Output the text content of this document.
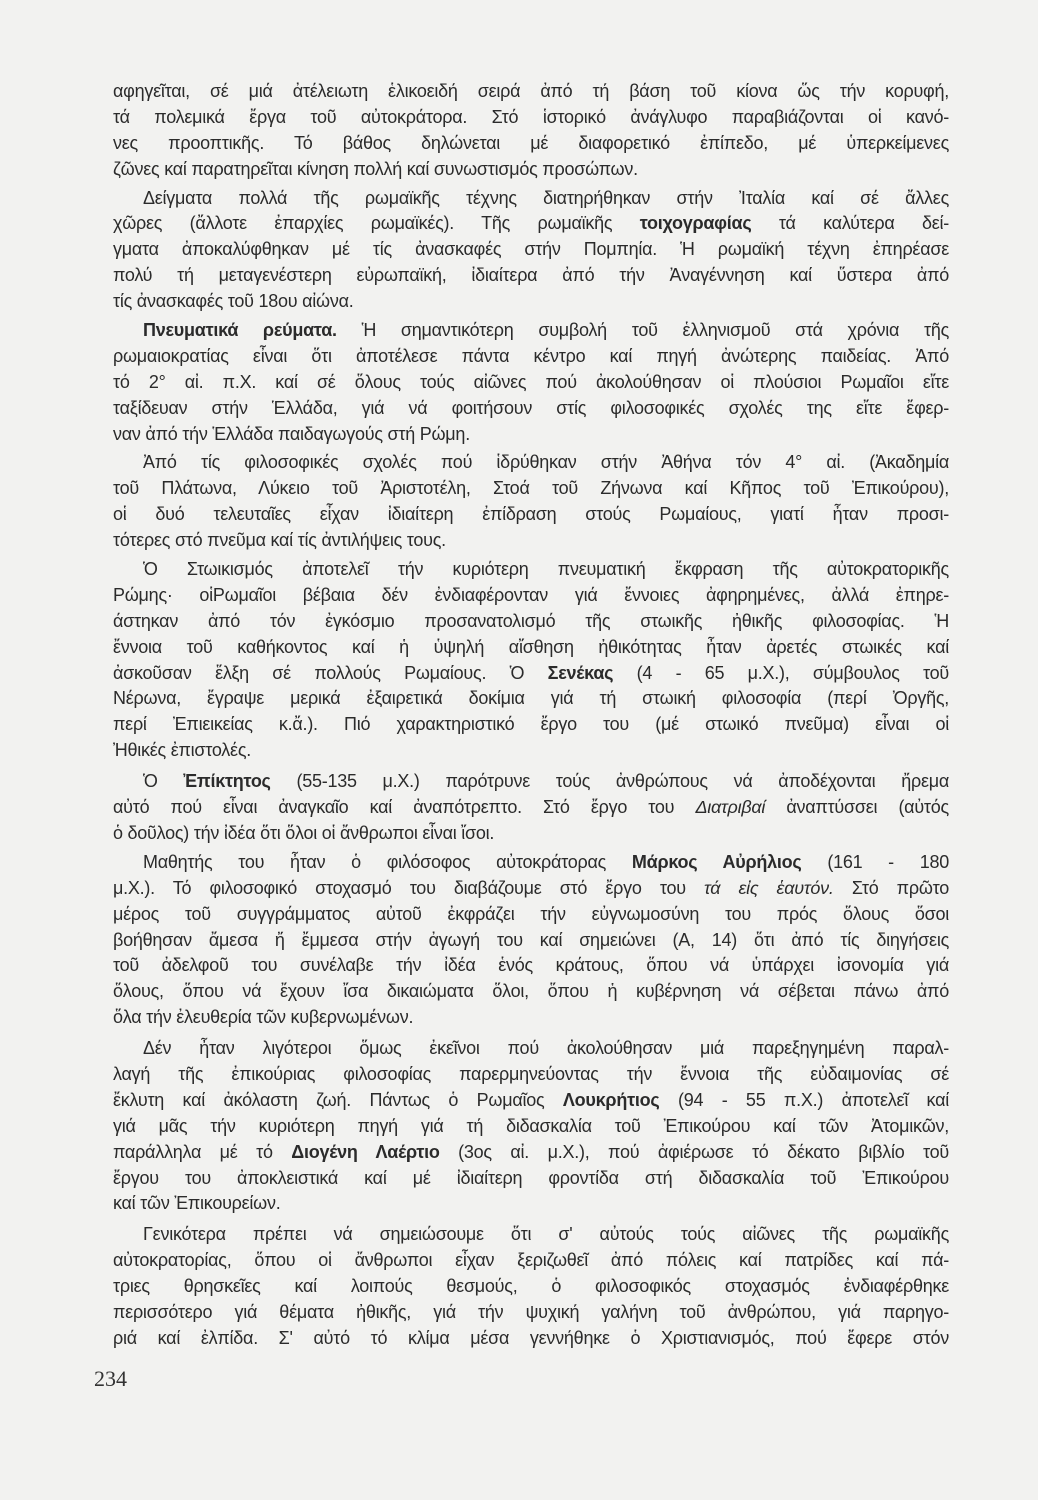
αφηγεῖται, σέ μιά ἀτέλειωτη ἑλικοειδή σειρά ἀπό τή βάση τοῦ κίονα ὥς τήν κορυφή,
τά πολεμικά ἔργα τοῦ αὐτοκράτορα. Στό ἱστορικό ἀνάγλυφο παραβιάζονται οἱ κανό-
νες προοπτικῆς. Τό βάθος δηλώνεται μέ διαφορετικό ἐπίπεδο, μέ ὑπερκείμενες
ζῶνες καί παρατηρεῖται κίνηση πολλή καί συνωστισμός προσώπων.
Δείγματα πολλά τῆς ρωμαϊκῆς τέχνης διατηρήθηκαν στήν Ἰταλία καί σέ ἄλλες
χῶρες (ἄλλοτε ἐπαρχίες ρωμαϊκές). Τῆς ρωμαϊκῆς τοιχογραφίας τά καλύτερα δεί-
γματα ἀποκαλύφθηκαν μέ τίς ἀνασκαφές στήν Πομπηία. Ἡ ρωμαϊκή τέχνη ἐπηρέασε
πολύ τή μεταγενέστερη εὐρωπαϊκή, ἰδιαίτερα ἀπό τήν Ἀναγέννηση καί ὕστερα ἀπό
τίς ἀνασκαφές τοῦ 18ου αἰώνα.
Πνευματικά ρεύματα. Ἡ σημαντικότερη συμβολή τοῦ ἑλληνισμοῦ στά χρόνια τῆς
ρωμαιοκρατίας εἶναι ὅτι ἀποτέλεσε πάντα κέντρο καί πηγή ἀνώτερης παιδείας. Ἀπό
τό 2° αἰ. π.Χ. καί σέ ὅλους τούς αἰῶνες πού ἀκολούθησαν οἱ πλούσιοι Ρωμαῖοι εἴτε
ταξίδευαν στήν Ἑλλάδα, γιά νά φοιτήσουν στίς φιλοσοφικές σχολές της εἴτε ἔφερ-
ναν ἀπό τήν Ἑλλάδα παιδαγωγούς στή Ρώμη.
Ἀπό τίς φιλοσοφικές σχολές πού ἱδρύθηκαν στήν Ἀθήνα τόν 4° αἰ. (Ἀκαδημία
τοῦ Πλάτωνα, Λύκειο τοῦ Ἀριστοτέλη, Στοά τοῦ Ζήνωνα καί Κῆπος τοῦ Ἐπικούρου),
οἱ δυό τελευταῖες εἶχαν ἰδιαίτερη ἐπίδραση στούς Ρωμαίους, γιατί ἦταν προσι-
τότερες στό πνεῦμα καί τίς ἀντιλήψεις τους.
Ὁ Στωικισμός ἀποτελεῖ τήν κυριότερη πνευματική ἔκφραση τῆς αὐτοκρατορικῆς
Ρώμης· οἱΡωμαῖοι βέβαια δέν ἐνδιαφέρονταν γιά ἔννοιες ἀφηρημένες, ἀλλά ἐπηρε-
άστηκαν ἀπό τόν ἐγκόσμιο προσανατολισμό τῆς στωικῆς ἠθικῆς φιλοσοφίας. Ἡ
ἔννοια τοῦ καθήκοντος καί ἡ ὑψηλή αἴσθηση ἠθικότητας ἦταν ἀρετές στωικές καί
ἀσκοῦσαν ἕλξη σέ πολλούς Ρωμαίους. Ὁ Σενέκας (4 - 65 μ.Χ.), σύμβουλος τοῦ
Νέρωνα, ἔγραψε μερικά ἐξαιρετικά δοκίμια γιά τή στωική φιλοσοφία (περί Ὀργῆς,
περί Ἐπιεικείας κ.ἄ.). Πιό χαρακτηριστικό ἔργο του (μέ στωικό πνεῦμα) εἶναι οἱ
Ἠθικές ἐπιστολές.
Ὁ Ἐπίκτητος (55-135 μ.Χ.) παρότρυνε τούς ἀνθρώπους νά ἀποδέχονται ἤρεμα
αὐτό πού εἶναι ἀναγκαῖο καί ἀναπότρεπτο. Στό ἔργο του Διατριβαί ἀναπτύσσει (αὐτός
ὁ δοῦλος) τήν ἰδέα ὅτι ὅλοι οἱ ἄνθρωποι εἶναι ἴσοι.
Μαθητής του ἦταν ὁ φιλόσοφος αὐτοκράτορας Μάρκος Αὐρήλιος (161 - 180
μ.Χ.). Τό φιλοσοφικό στοχασμό του διαβάζουμε στό ἔργο του τά εἰς ἑαυτόν. Στό πρῶτο
μέρος τοῦ συγγράμματος αὐτοῦ ἐκφράζει τήν εὐγνωμοσύνη του πρός ὅλους ὅσοι
βοήθησαν ἄμεσα ἤ ἔμμεσα στήν ἀγωγή του καί σημειώνει (Α, 14) ὅτι ἀπό τίς διηγήσεις
τοῦ ἀδελφοῦ του συνέλαβε τήν ἰδέα ἑνός κράτους, ὅπου νά ὑπάρχει ἰσονομία γιά
ὅλους, ὅπου νά ἔχουν ἴσα δικαιώματα ὅλοι, ὅπου ἡ κυβέρνηση νά σέβεται πάνω ἀπό
ὅλα τήν ἐλευθερία τῶν κυβερνωμένων.
Δέν ἦταν λιγότεροι ὅμως ἐκεῖνοι πού ἀκολούθησαν μιά παρεξηγημένη παραλ-
λαγή τῆς ἐπικούριας φιλοσοφίας παρερμηνεύοντας τήν ἔννοια τῆς εὐδαιμονίας σέ
ἔκλυτη καί ἀκόλαστη ζωή. Πάντως ὁ Ρωμαῖος Λουκρήτιος (94 - 55 π.Χ.) ἀποτελεῖ καί
γιά μᾶς τήν κυριότερη πηγή γιά τή διδασκαλία τοῦ Ἐπικούρου καί τῶν Ἀτομικῶν,
παράλληλα μέ τό Διογένη Λαέρτιο (3ος αἰ. μ.Χ.), πού ἀφιέρωσε τό δέκατο βιβλίο τοῦ
ἔργου του ἀποκλειστικά καί μέ ἰδιαίτερη φροντίδα στή διδασκαλία τοῦ Ἐπικούρου
καί τῶν Ἐπικουρείων.
Γενικότερα πρέπει νά σημειώσουμε ὅτι σ' αὐτούς τούς αἰῶνες τῆς ρωμαϊκῆς
αὐτοκρατορίας, ὅπου οἱ ἄνθρωποι εἶχαν ξεριζωθεῖ ἀπό πόλεις καί πατρίδες καί πά-
τριες θρησκεῖες καί λοιπούς θεσμούς, ὁ φιλοσοφικός στοχασμός ἐνδιαφέρθηκε
περισσότερο γιά θέματα ἠθικῆς, γιά τήν ψυχική γαλήνη τοῦ ἀνθρώπου, γιά παρηγο-
ριά καί ἐλπίδα. Σ' αὐτό τό κλίμα μέσα γεννήθηκε ὁ Χριστιανισμός, πού ἔφερε στόν
234
